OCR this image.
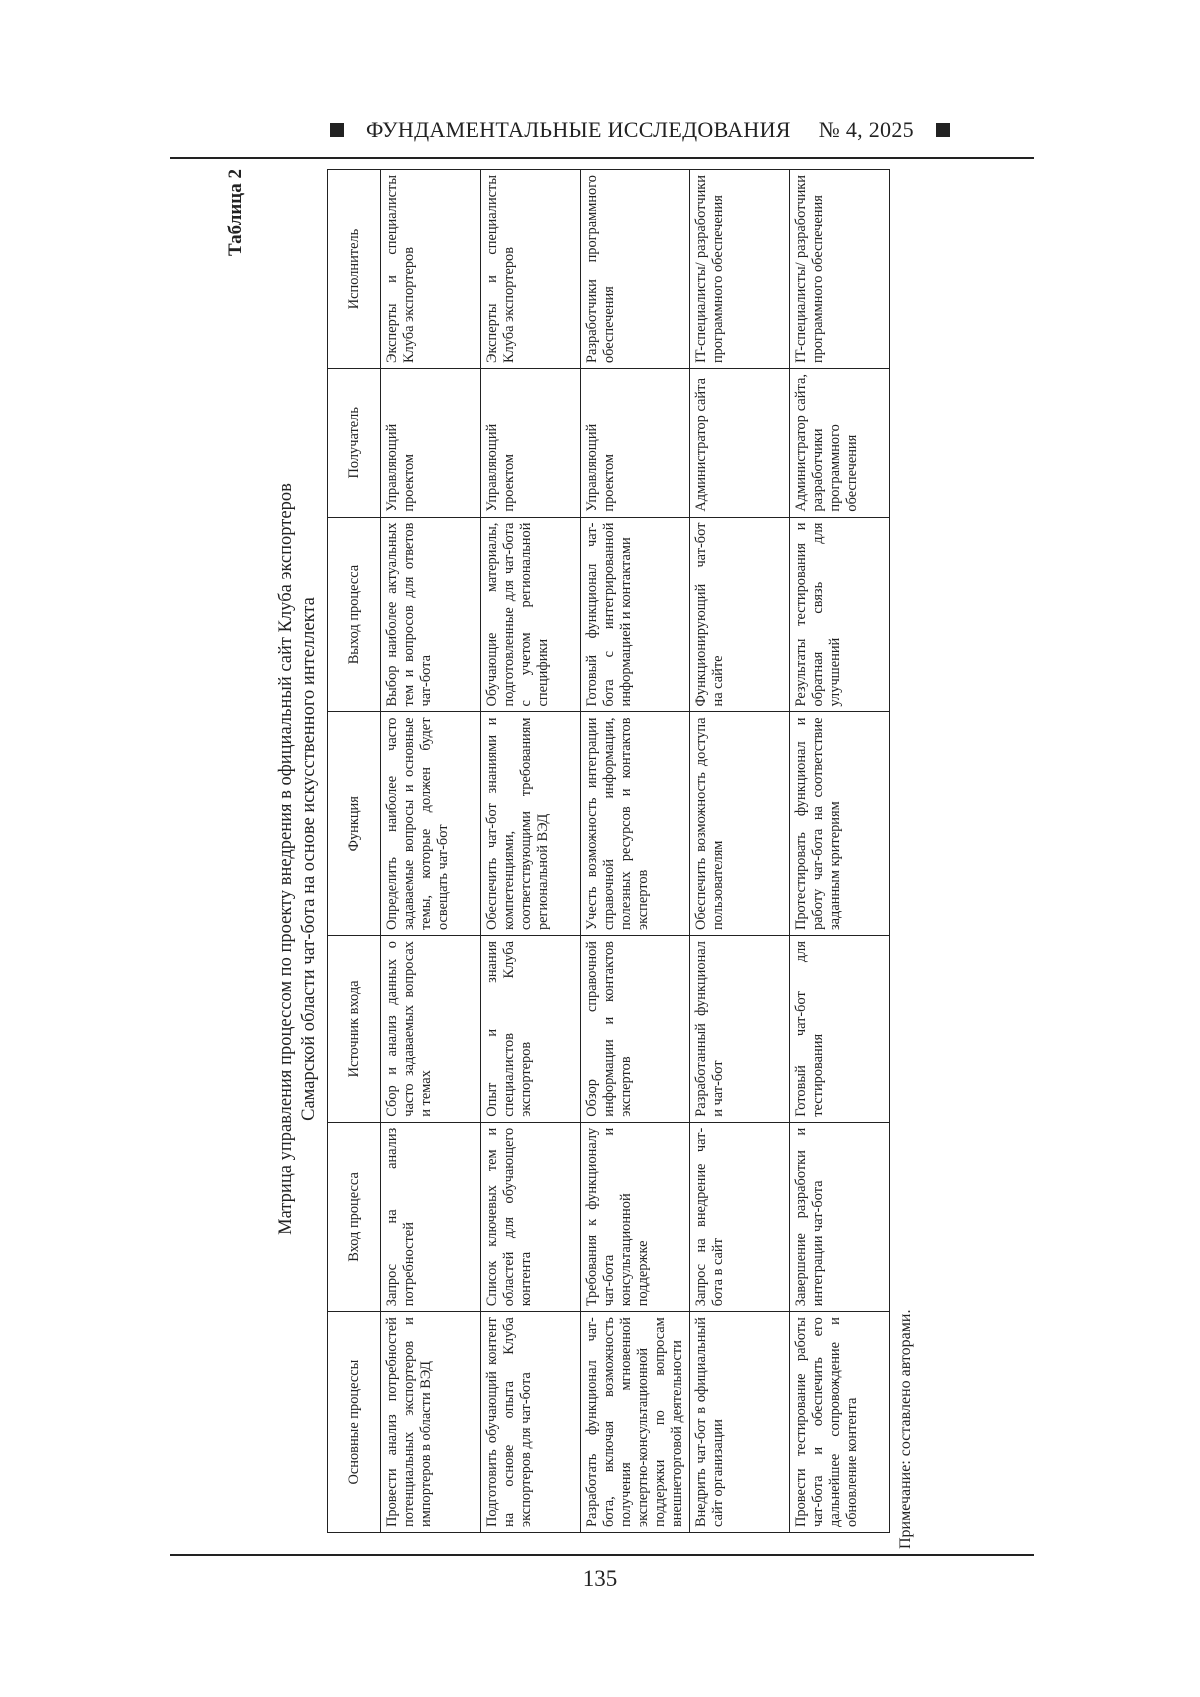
ФУНДАМЕНТАЛЬНЫЕ ИССЛЕДОВАНИЯ № 4, 2025
Таблица 2
Матрица управления процессом по проекту внедрения в официальный сайт Клуба экспортеров Самарской области чат-бота на основе искусственного интеллекта
Основные процессы	Вход процесса	Источник входа	Функция	Выход процесса	Получатель	Исполнитель
Провести анализ потребностей потенциальных экспортеров и импортеров в области ВЭД	Запрос на анализ потребностей	Сбор и анализ данных о часто задаваемых вопросах и темах	Определить наиболее часто задаваемые вопросы и основные темы, которые должен будет освещать чат-бот	Выбор наиболее актуальных тем и вопросов для ответов чат-бота	Управляющий проектом	Эксперты и специалисты Клуба экспортеров
Подготовить обучающий контент на основе опыта Клуба экспортеров для чат-бота	Список ключевых тем и областей для обучающего контента	Опыт и знания специалистов Клуба экспортеров	Обеспечить чат-бот знаниями и компетенциями, соответствующими требованиям региональной ВЭД	Обучающие материалы, подготовленные для чат-бота с учетом региональной специфики	Управляющий проектом	Эксперты и специалисты Клуба экспортеров
Разработать функционал чат-бота, включая возможность получения мгновенной экспертно-консультационной поддержки по вопросам внешнеторговой деятельности	Требования к функционалу чат-бота и консультационной поддержке	Обзор справочной информации и контактов экспертов	Учесть возможность интеграции справочной информации, полезных ресурсов и контактов экспертов	Готовый функционал чат-бота с интегрированной информацией и контактами	Управляющий проектом	Разработчики программного обеспечения
Внедрить чат-бот в официальный сайт организации	Запрос на внедрение чат-бота в сайт	Разработанный функционал и чат-бот	Обеспечить возможность доступа пользователям	Функционирующий чат-бот на сайте	Администратор сайта	IT-специалисты/ разработчики программного обеспечения
Провести тестирование работы чат-бота и обеспечить его дальнейшее сопровождение и обновление контента	Завершение разработки и интеграции чат-бота	Готовый чат-бот для тестирования	Протестировать функционал и работу чат-бота на соответствие заданным критериям	Результаты тестирования и обратная связь для улучшений	Администратор сайта, разработчики программного обеспечения	IT-специалисты/ разработчики программного обеспечения
Примечание: составлено авторами.
135
